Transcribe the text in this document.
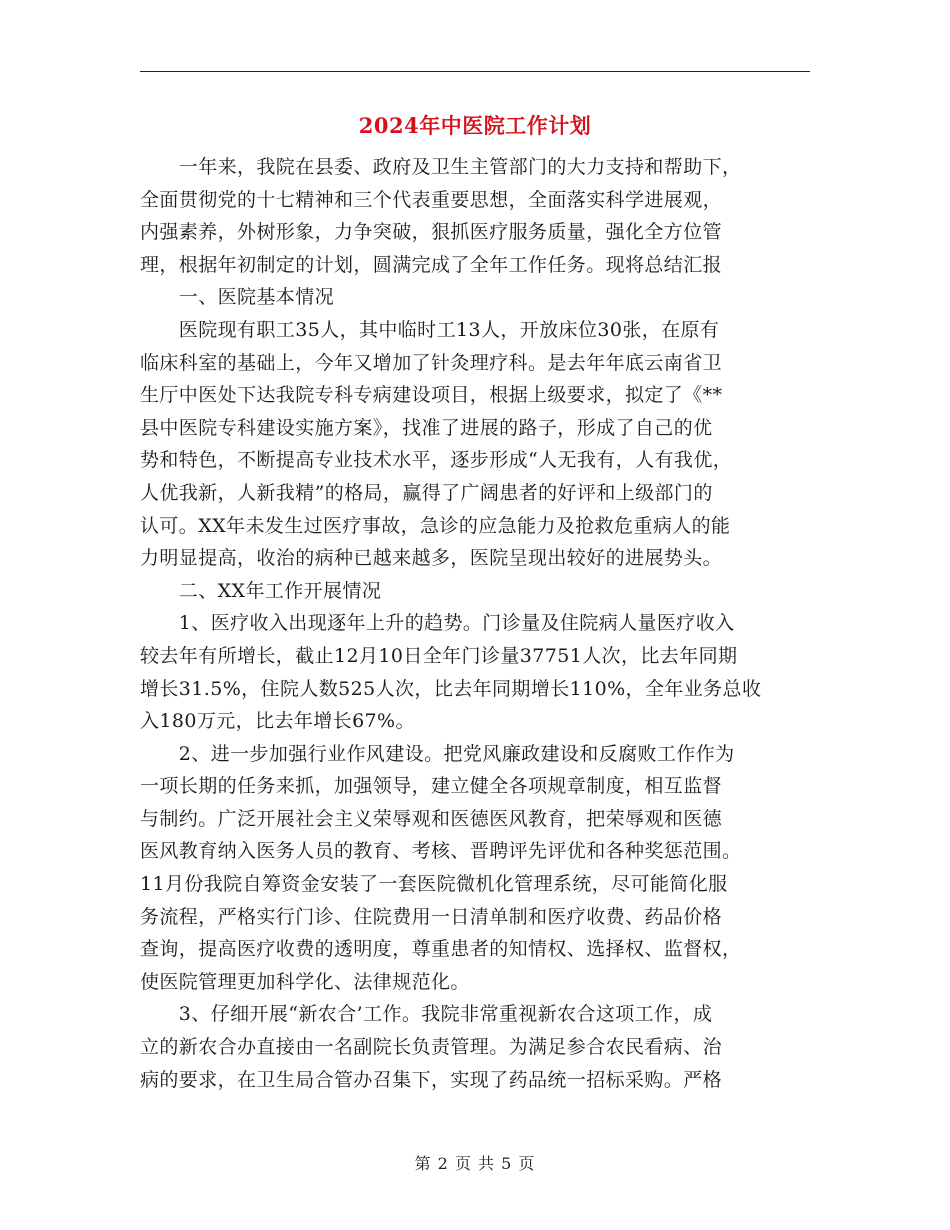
2024年中医院工作计划
　　一年来，我院在县委、政府及卫生主管部门的大力支持和帮助下，
全面贯彻党的十七精神和三个代表重要思想，全面落实科学进展观，
内强素养，外树形象，力争突破，狠抓医疗服务质量，强化全方位管
理，根据年初制定的计划，圆满完成了全年工作任务。现将总结汇报
　　一、医院基本情况
　　医院现有职工35人，其中临时工13人，开放床位30张，在原有
临床科室的基础上，今年又增加了针灸理疗科。是去年年底云南省卫
生厅中医处下达我院专科专病建设项目，根据上级要求，拟定了《**
县中医院专科建设实施方案》，找准了进展的路子，形成了自己的优
势和特色，不断提高专业技术水平，逐步形成“人无我有，人有我优，
人优我新，人新我精”的格局，赢得了广阔患者的好评和上级部门的
认可。XX年未发生过医疗事故，急诊的应急能力及抢救危重病人的能
力明显提高，收治的病种已越来越多，医院呈现出较好的进展势头。
　　二、XX年工作开展情况
　　1、医疗收入出现逐年上升的趋势。门诊量及住院病人量医疗收入
较去年有所增长，截止12月10日全年门诊量37751人次，比去年同期
增长31.5%，住院人数525人次，比去年同期增长110%，全年业务总收
入180万元，比去年增长67%。
　　2、进一步加强行业作风建设。把党风廉政建设和反腐败工作作为
一项长期的任务来抓，加强领导，建立健全各项规章制度，相互监督
与制约。广泛开展社会主义荣辱观和医德医风教育，把荣辱观和医德
医风教育纳入医务人员的教育、考核、晋聘评先评优和各种奖惩范围。
11月份我院自筹资金安装了一套医院微机化管理系统，尽可能简化服
务流程，严格实行门诊、住院费用一日清单制和医疗收费、药品价格
查询，提高医疗收费的透明度，尊重患者的知情权、选择权、监督权，
使医院管理更加科学化、法律规范化。
　　3、仔细开展“新农合’工作。我院非常重视新农合这项工作，成
立的新农合办直接由一名副院长负责管理。为满足参合农民看病、治
病的要求，在卫生局合管办召集下，实现了药品统一招标采购。严格
第 2 页 共 5 页
